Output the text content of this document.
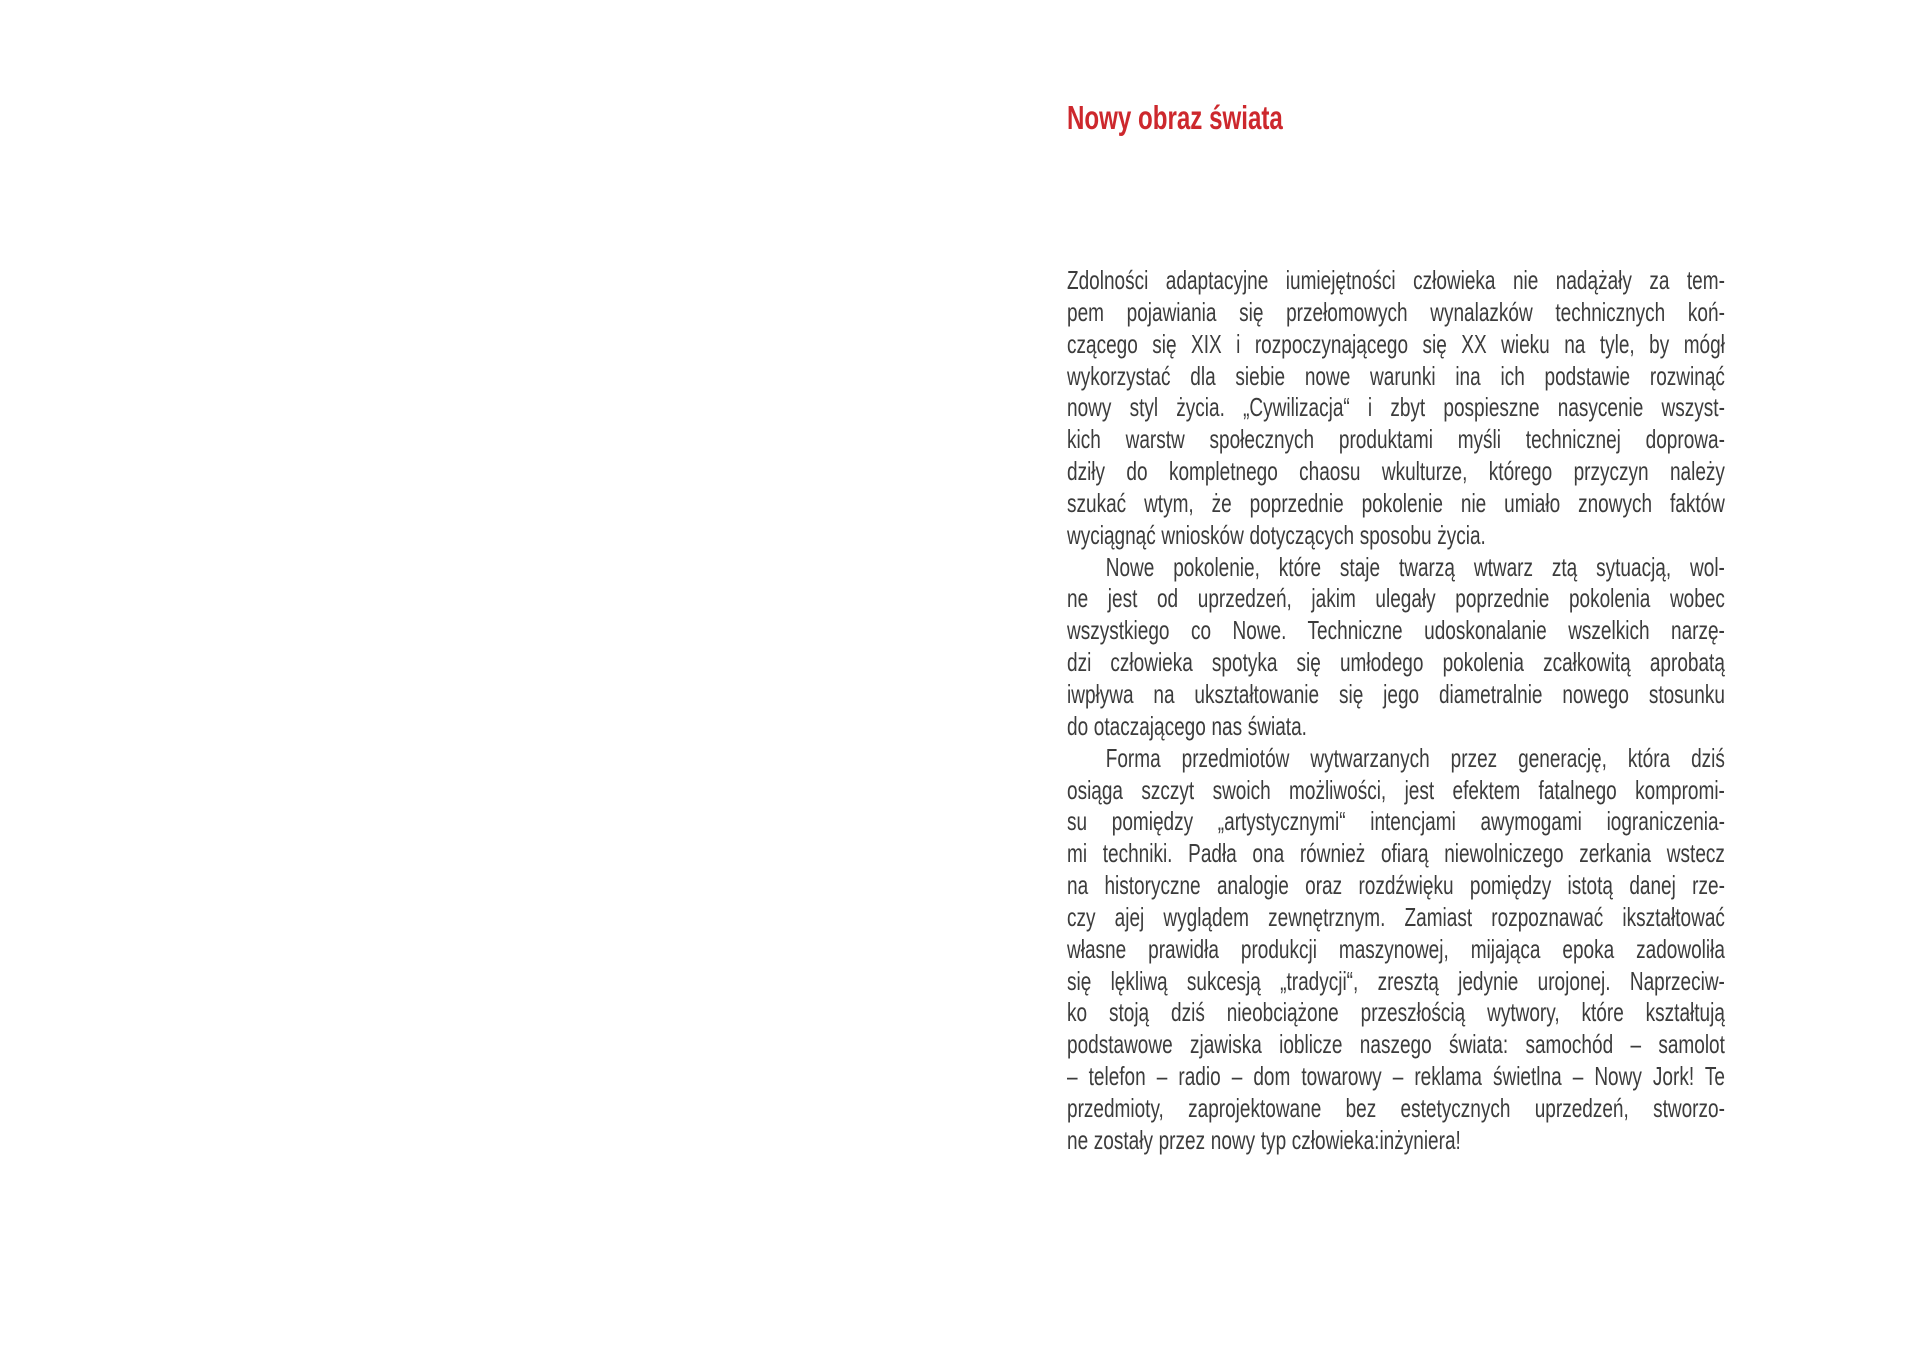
Nowy obraz świata
Zdolności adaptacyjne iumiejętności człowieka nie nadążały za tem-
pem pojawiania się przełomowych wynalazków technicznych koń-
czącego się XIX i rozpoczynającego się XX wieku na tyle, by mógł
wykorzystać dla siebie nowe warunki ina ich podstawie rozwinąć
nowy styl życia. „Cywilizacja“ i zbyt pospieszne nasycenie wszyst-
kich warstw społecznych produktami myśli technicznej doprowa-
dziły do kompletnego chaosu wkulturze, którego przyczyn należy
szukać wtym, że poprzednie pokolenie nie umiało znowych faktów
wyciągnąć wniosków dotyczących sposobu życia.
Nowe pokolenie, które staje twarzą wtwarz ztą sytuacją, wol-
ne jest od uprzedzeń, jakim ulegały poprzednie pokolenia wobec
wszystkiego co Nowe. Techniczne udoskonalanie wszelkich narzę-
dzi człowieka spotyka się umłodego pokolenia zcałkowitą aprobatą
iwpływa na ukształtowanie się jego diametralnie nowego stosunku
do otaczającego nas świata.
Forma przedmiotów wytwarzanych przez generację, która dziś
osiąga szczyt swoich możliwości, jest efektem fatalnego kompromi-
su pomiędzy „artystycznymi“ intencjami awymogami iograniczenia-
mi techniki. Padła ona również ofiarą niewolniczego zerkania wstecz
na historyczne analogie oraz rozdźwięku pomiędzy istotą danej rze-
czy ajej wyglądem zewnętrznym. Zamiast rozpoznawać ikształtować
własne prawidła produkcji maszynowej, mijająca epoka zadowoliła
się lękliwą sukcesją „tradycji“, zresztą jedynie urojonej. Naprzeciw-
ko stoją dziś nieobciążone przeszłością wytwory, które kształtują
podstawowe zjawiska ioblicze naszego świata: samochód – samolot
– telefon – radio – dom towarowy – reklama świetlna – Nowy Jork! Te
przedmioty, zaprojektowane bez estetycznych uprzedzeń, stworzo-
ne zostały przez nowy typ człowieka:inżyniera!
